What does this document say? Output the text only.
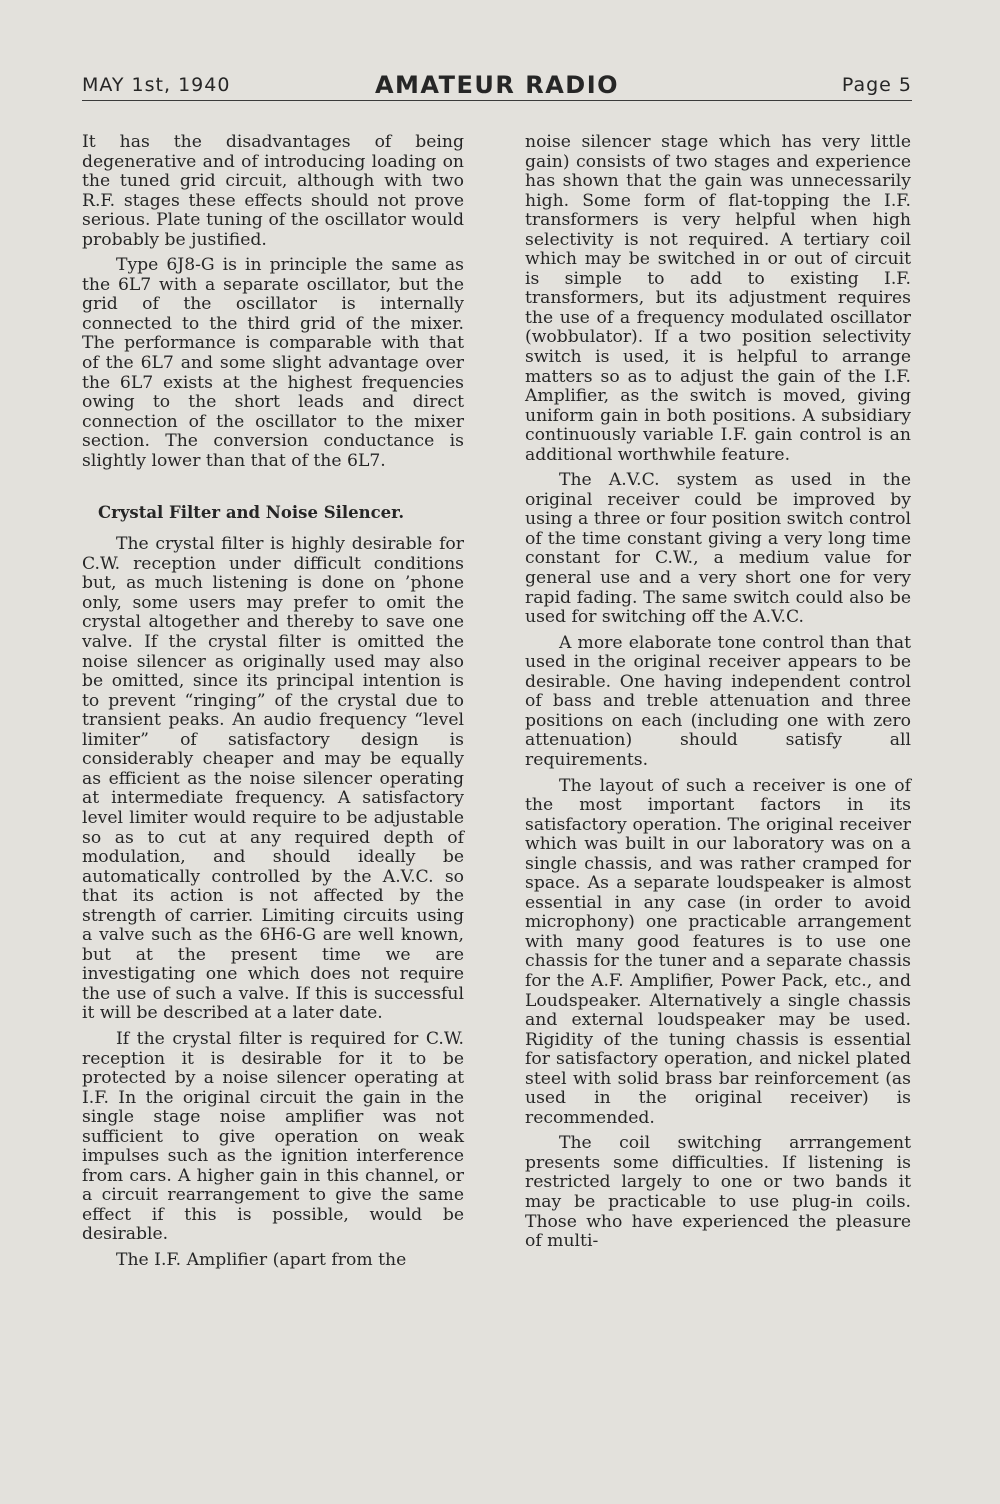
MAY 1st, 1940	AMATEUR RADIO	Page 5

It has the disadvantages of being degenerative and of introducing loading on the tuned grid circuit, although with two R.F. stages these effects should not prove serious. Plate tuning of the oscillator would probably be justified.

Type 6J8-G is in principle the same as the 6L7 with a separate oscillator, but the grid of the oscillator is internally connected to the third grid of the mixer. The performance is comparable with that of the 6L7 and some slight advantage over the 6L7 exists at the highest frequencies owing to the short leads and direct connection of the oscillator to the mixer section. The conversion conductance is slightly lower than that of the 6L7.

Crystal Filter and Noise Silencer.

The crystal filter is highly desirable for C.W. reception under difficult conditions but, as much listening is done on ’phone only, some users may prefer to omit the crystal altogether and thereby to save one valve. If the crystal filter is omitted the noise silencer as originally used may also be omitted, since its principal intention is to prevent “ringing” of the crystal due to transient peaks. An audio frequency “level limiter” of satisfactory design is considerably cheaper and may be equally as efficient as the noise silencer operating at intermediate frequency. A satisfactory level limiter would require to be adjustable so as to cut at any required depth of modulation, and should ideally be automatically controlled by the A.V.C. so that its action is not affected by the strength of carrier. Limiting circuits using a valve such as the 6H6-G are well known, but at the present time we are investigating one which does not require the use of such a valve. If this is successful it will be described at a later date.

If the crystal filter is required for C.W. reception it is desirable for it to be protected by a noise silencer operating at I.F. In the original circuit the gain in the single stage noise amplifier was not sufficient to give operation on weak impulses such as the ignition interference from cars. A higher gain in this channel, or a circuit rearrangement to give the same effect if this is possible, would be desirable.

The I.F. Amplifier (apart from the

noise silencer stage which has very little gain) consists of two stages and experience has shown that the gain was unnecessarily high. Some form of flat-topping the I.F. transformers is very helpful when high selectivity is not required. A tertiary coil which may be switched in or out of circuit is simple to add to existing I.F. transformers, but its adjustment requires the use of a frequency modulated oscillator (wobbulator). If a two position selectivity switch is used, it is helpful to arrange matters so as to adjust the gain of the I.F. Amplifier, as the switch is moved, giving uniform gain in both positions. A subsidiary continuously variable I.F. gain control is an additional worthwhile feature.

The A.V.C. system as used in the original receiver could be improved by using a three or four position switch control of the time constant giving a very long time constant for C.W., a medium value for general use and a very short one for very rapid fading. The same switch could also be used for switching off the A.V.C.

A more elaborate tone control than that used in the original receiver appears to be desirable. One having independent control of bass and treble attenuation and three positions on each (including one with zero attenuation) should satisfy all requirements.

The layout of such a receiver is one of the most important factors in its satisfactory operation. The original receiver which was built in our laboratory was on a single chassis, and was rather cramped for space. As a separate loudspeaker is almost essential in any case (in order to avoid microphony) one practicable arrangement with many good features is to use one chassis for the tuner and a separate chassis for the A.F. Amplifier, Power Pack, etc., and Loudspeaker. Alternatively a single chassis and external loudspeaker may be used. Rigidity of the tuning chassis is essential for satisfactory operation, and nickel plated steel with solid brass bar reinforcement (as used in the original receiver) is recommended.

The coil switching arrrangement presents some difficulties. If listening is restricted largely to one or two bands it may be practicable to use plug-in coils. Those who have experienced the pleasure of multi-
